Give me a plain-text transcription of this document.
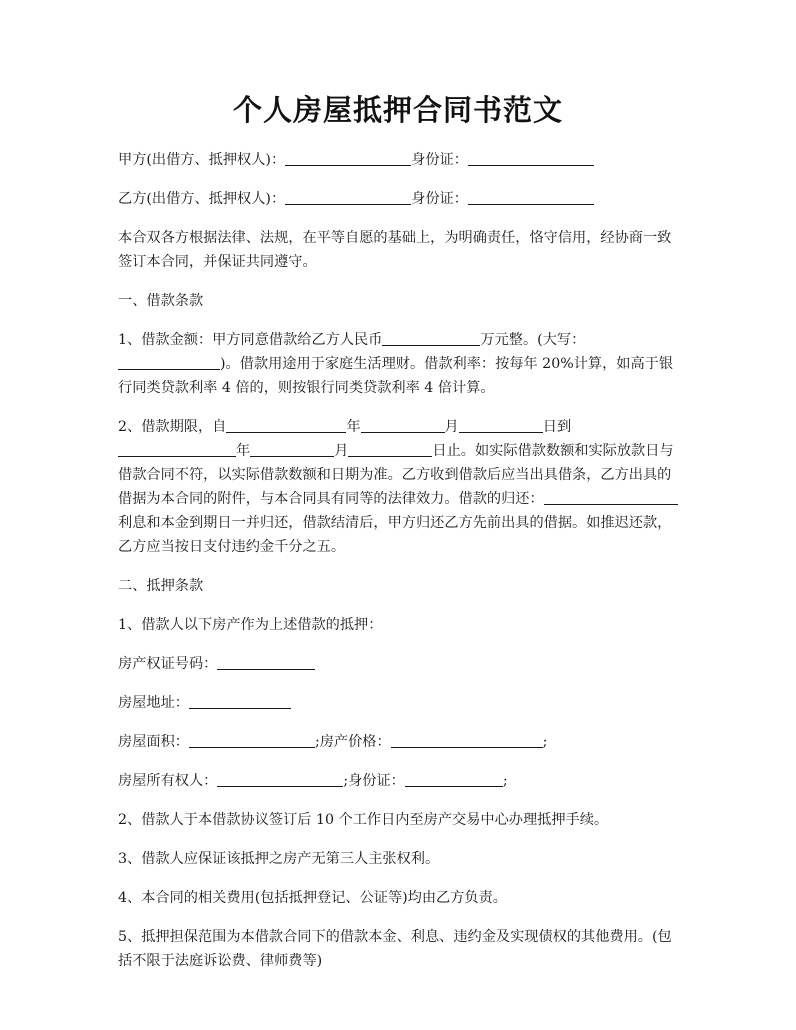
个人房屋抵押合同书范文
甲方(出借方、抵押权人)：	身份证：
乙方(出借方、抵押权人)：	身份证：
本合双各方根据法律、法规，在平等自愿的基础上，为明确责任，恪守信用，经协商一致签订本合同，并保证共同遵守。
一、借款条款
1、借款金额：甲方同意借款给乙方人民币	万元整。(大写：
)。借款用途用于家庭生活理财。借款利率：按每年 20%计算，如高于银行同类贷款利率 4 倍的，则按银行同类贷款利率 4 倍计算。
2、借款期限，自	年	月	日到
年	月	日止。如实际借款数额和实际放款日与借款合同不符，以实际借款数额和日期为准。乙方收到借款后应当出具借条，乙方出具的借据为本合同的附件，与本合同具有同等的法律效力。借款的归还：利息和本金到期日一并归还，借款结清后，甲方归还乙方先前出具的借据。如推迟还款，乙方应当按日支付违约金千分之五。
二、抵押条款
1、借款人以下房产作为上述借款的抵押：
房产权证号码：
房屋地址：
房屋面积：	;房产价格：	;
房屋所有权人：	;身份证：	;
2、借款人于本借款协议签订后 10 个工作日内至房产交易中心办理抵押手续。
3、借款人应保证该抵押之房产无第三人主张权利。
4、本合同的相关费用(包括抵押登记、公证等)均由乙方负责。
5、抵押担保范围为本借款合同下的借款本金、利息、违约金及实现债权的其他费用。(包括不限于法庭诉讼费、律师费等)
